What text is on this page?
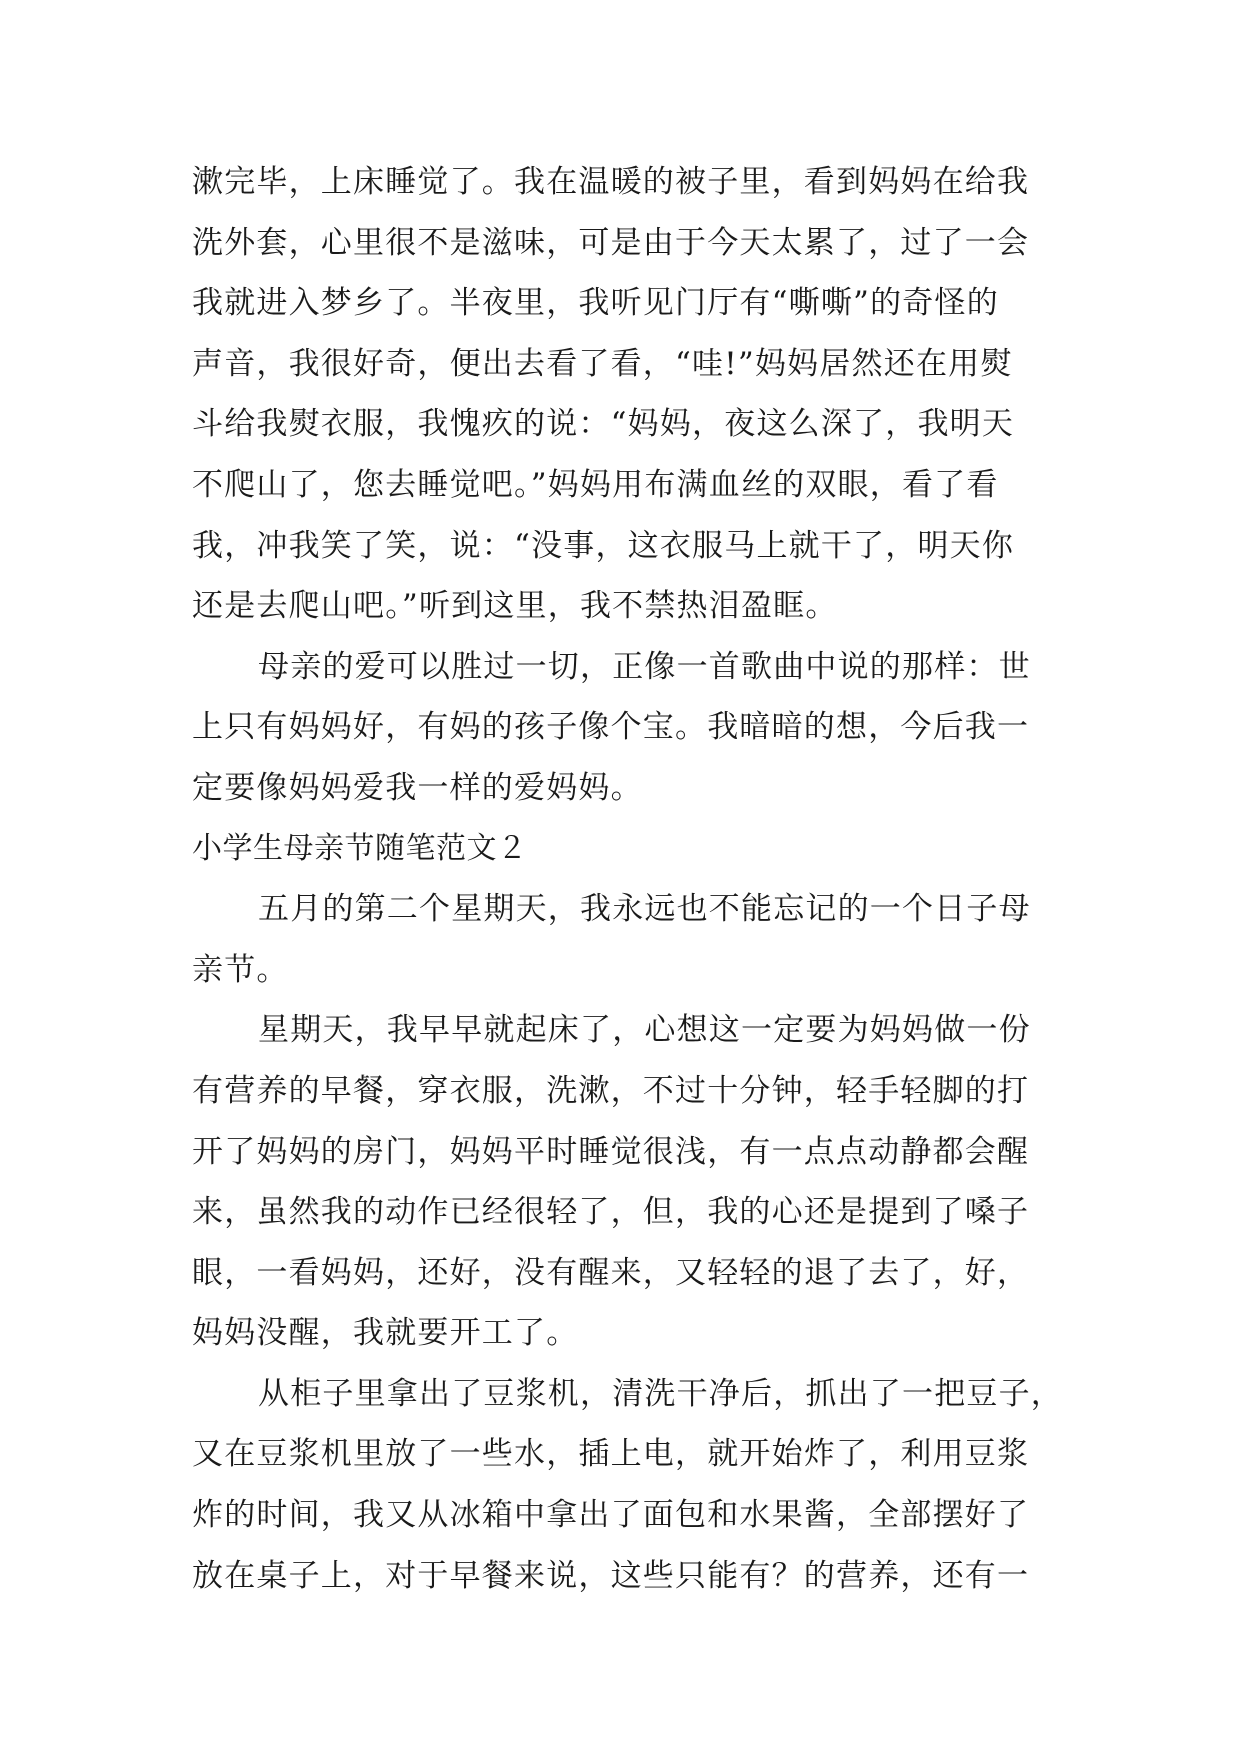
漱完毕，上床睡觉了。我在温暖的被子里，看到妈妈在给我
洗外套，心里很不是滋味，可是由于今天太累了，过了一会
我就进入梦乡了。半夜里，我听见门厅有“嘶嘶”的奇怪的
声音，我很好奇，便出去看了看，“哇!”妈妈居然还在用熨
斗给我熨衣服，我愧疚的说：“妈妈，夜这么深了，我明天
不爬山了，您去睡觉吧。”妈妈用布满血丝的双眼，看了看
我，冲我笑了笑，说：“没事，这衣服马上就干了，明天你
还是去爬山吧。”听到这里，我不禁热泪盈眶。
母亲的爱可以胜过一切，正像一首歌曲中说的那样：世
上只有妈妈好，有妈的孩子像个宝。我暗暗的想，今后我一
定要像妈妈爱我一样的爱妈妈。
小学生母亲节随笔范文２
五月的第二个星期天，我永远也不能忘记的一个日子母
亲节。
星期天，我早早就起床了，心想这一定要为妈妈做一份
有营养的早餐，穿衣服，洗漱，不过十分钟，轻手轻脚的打
开了妈妈的房门，妈妈平时睡觉很浅，有一点点动静都会醒
来，虽然我的动作已经很轻了，但，我的心还是提到了嗓子
眼，一看妈妈，还好，没有醒来，又轻轻的退了去了，好，
妈妈没醒，我就要开工了。
从柜子里拿出了豆浆机，清洗干净后，抓出了一把豆子，
又在豆浆机里放了一些水，插上电，就开始炸了，利用豆浆
炸的时间，我又从冰箱中拿出了面包和水果酱，全部摆好了
放在桌子上，对于早餐来说，这些只能有？的营养，还有一
